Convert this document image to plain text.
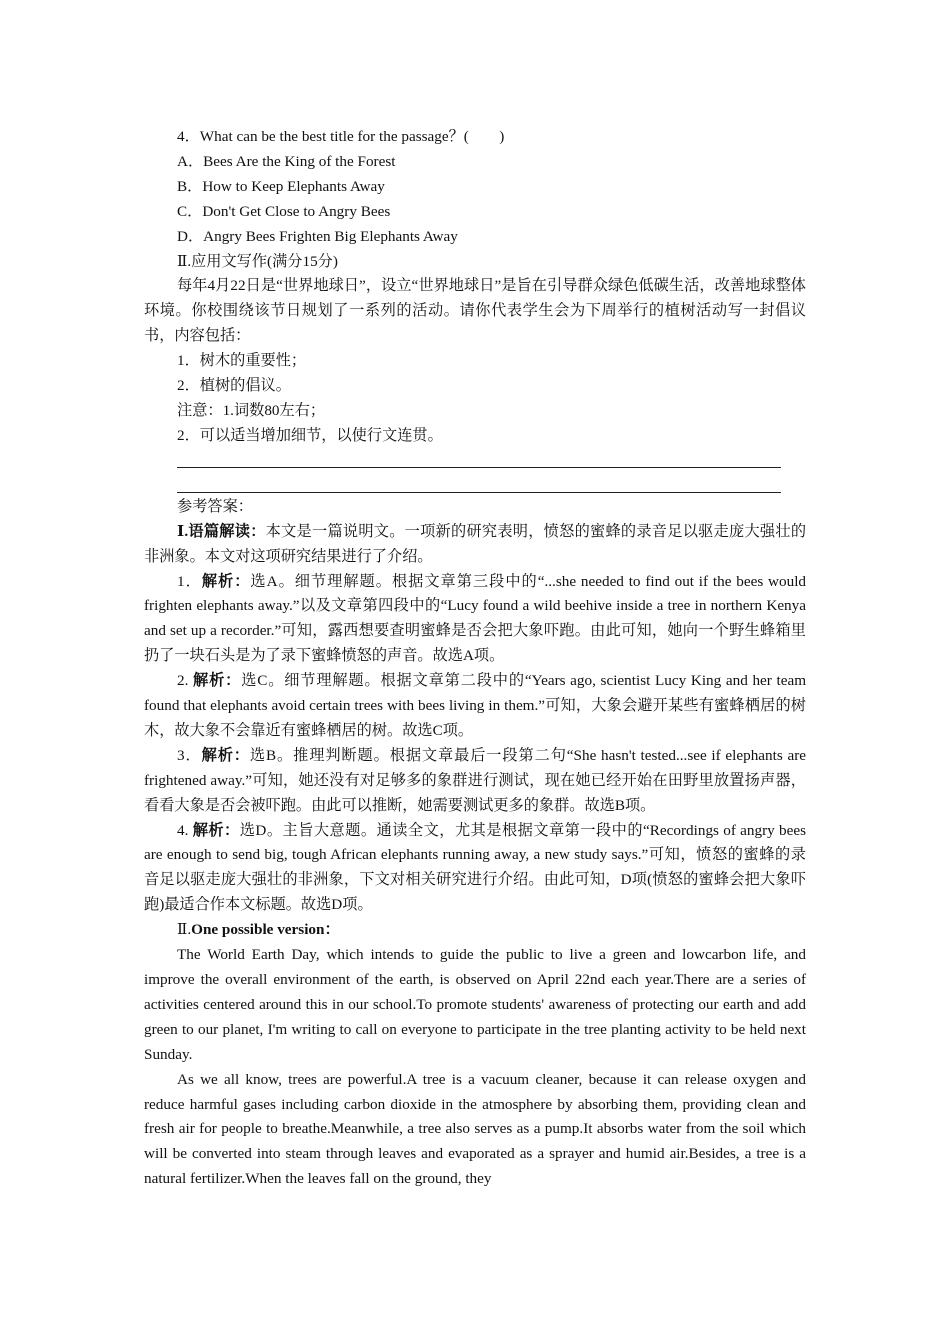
4．What can be the best title for the passage？(　　)

A．Bees Are the King of the Forest

B．How to Keep Elephants Away

C．Don't Get Close to Angry Bees

D．Angry Bees Frighten Big Elephants Away

Ⅱ.应用文写作(满分15分)

每年4月22日是“世界地球日”，设立“世界地球日”是旨在引导群众绿色低碳生活，改善地球整体环境。你校围绕该节日规划了一系列的活动。请你代表学生会为下周举行的植树活动写一封倡议书，内容包括：

1．树木的重要性；

2．植树的倡议。

注意：1.词数80左右；

2．可以适当增加细节，以使行文连贯。

参考答案：

Ⅰ.语篇解读：本文是一篇说明文。一项新的研究表明，愤怒的蜜蜂的录音足以驱走庞大强壮的非洲象。本文对这项研究结果进行了介绍。

1．解析：选A。细节理解题。根据文章第三段中的“...she needed to find out if the bees would frighten elephants away.”以及文章第四段中的“Lucy found a wild beehive inside a tree in northern Kenya and set up a recorder.”可知，露西想要查明蜜蜂是否会把大象吓跑。由此可知，她向一个野生蜂箱里扔了一块石头是为了录下蜜蜂愤怒的声音。故选A项。

2. 解析：选C。细节理解题。根据文章第二段中的“Years ago, scientist Lucy King and her team found that elephants avoid certain trees with bees living in them.”可知，大象会避开某些有蜜蜂栖居的树木，故大象不会靠近有蜜蜂栖居的树。故选C项。

3．解析：选B。推理判断题。根据文章最后一段第二句“She hasn't tested...see if elephants are frightened away.”可知，她还没有对足够多的象群进行测试，现在她已经开始在田野里放置扬声器，看看大象是否会被吓跑。由此可以推断，她需要测试更多的象群。故选B项。

4. 解析：选D。主旨大意题。通读全文，尤其是根据文章第一段中的“Recordings of angry bees are enough to send big, tough African elephants running away, a new study says.”可知，愤怒的蜜蜂的录音足以驱走庞大强壮的非洲象，下文对相关研究进行介绍。由此可知，D项(愤怒的蜜蜂会把大象吓跑)最适合作本文标题。故选D项。

Ⅱ.One possible version：

The World Earth Day, which intends to guide the public to live a green and lowcarbon life, and improve the overall environment of the earth, is observed on April 22nd each year.There are a series of activities centered around this in our school.To promote students' awareness of protecting our earth and add green to our planet, I'm writing to call on everyone to participate in the tree planting activity to be held next Sunday.

As we all know, trees are powerful.A tree is a vacuum cleaner, because it can release oxygen and reduce harmful gases including carbon dioxide in the atmosphere by absorbing them, providing clean and fresh air for people to breathe.Meanwhile, a tree also serves as a pump.It absorbs water from the soil which will be converted into steam through leaves and evaporated as a sprayer and humid air.Besides, a tree is a natural fertilizer.When the leaves fall on the ground, they
